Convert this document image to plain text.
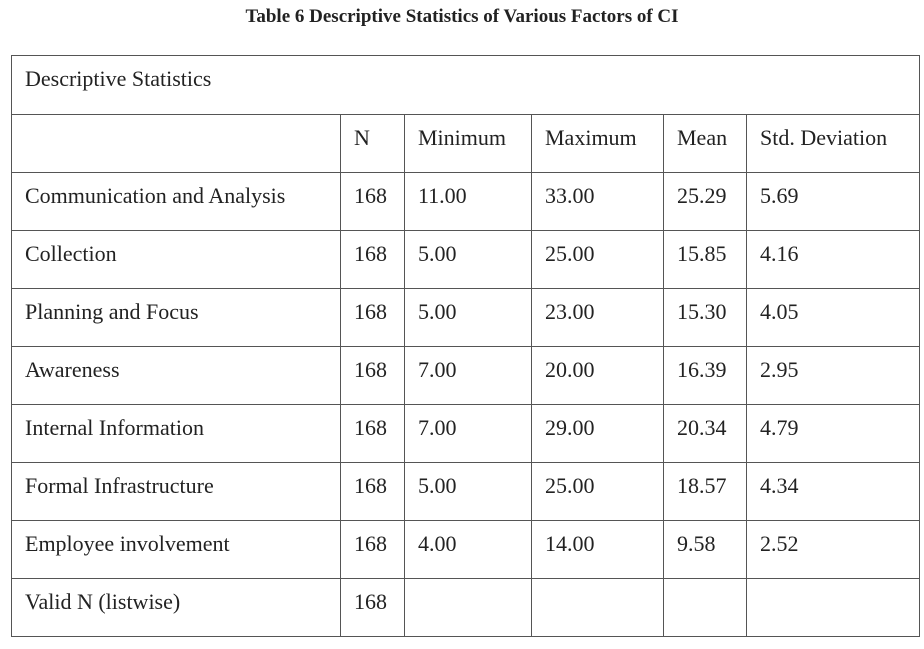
Table 6 Descriptive Statistics of Various Factors of CI
Descriptive Statistics					
	N	Minimum	Maximum	Mean	Std. Deviation
Communication and Analysis	168	11.00	33.00	25.29	5.69
Collection	168	5.00	25.00	15.85	4.16
Planning and Focus	168	5.00	23.00	15.30	4.05
Awareness	168	7.00	20.00	16.39	2.95
Internal Information	168	7.00	29.00	20.34	4.79
Formal Infrastructure	168	5.00	25.00	18.57	4.34
Employee involvement	168	4.00	14.00	9.58	2.52
Valid N (listwise)	168				
